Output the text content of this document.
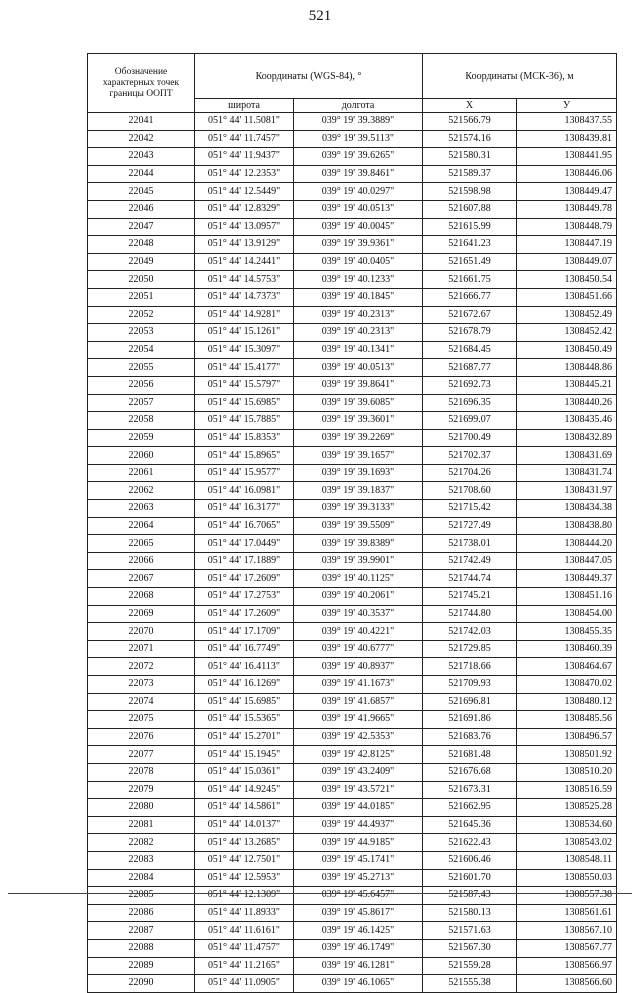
521
Обозначение характерных точек границы ООПТ	Координаты (WGS-84), °		Координаты (МСК-36), м	
	широта	долгота	X	У
22041	051° 44' 11.5081"	039° 19' 39.3889"	521566.79	1308437.55
22042	051° 44' 11.7457"	039° 19' 39.5113"	521574.16	1308439.81
22043	051° 44' 11.9437"	039° 19' 39.6265"	521580.31	1308441.95
22044	051° 44' 12.2353"	039° 19' 39.8461"	521589.37	1308446.06
22045	051° 44' 12.5449"	039° 19' 40.0297"	521598.98	1308449.47
22046	051° 44' 12.8329"	039° 19' 40.0513"	521607.88	1308449.78
22047	051° 44' 13.0957"	039° 19' 40.0045"	521615.99	1308448.79
22048	051° 44' 13.9129"	039° 19' 39.9361"	521641.23	1308447.19
22049	051° 44' 14.2441"	039° 19' 40.0405"	521651.49	1308449.07
22050	051° 44' 14.5753"	039° 19' 40.1233"	521661.75	1308450.54
22051	051° 44' 14.7373"	039° 19' 40.1845"	521666.77	1308451.66
22052	051° 44' 14.9281"	039° 19' 40.2313"	521672.67	1308452.49
22053	051° 44' 15.1261"	039° 19' 40.2313"	521678.79	1308452.42
22054	051° 44' 15.3097"	039° 19' 40.1341"	521684.45	1308450.49
22055	051° 44' 15.4177"	039° 19' 40.0513"	521687.77	1308448.86
22056	051° 44' 15.5797"	039° 19' 39.8641"	521692.73	1308445.21
22057	051° 44' 15.6985"	039° 19' 39.6085"	521696.35	1308440.26
22058	051° 44' 15.7885"	039° 19' 39.3601"	521699.07	1308435.46
22059	051° 44' 15.8353"	039° 19' 39.2269"	521700.49	1308432.89
22060	051° 44' 15.8965"	039° 19' 39.1657"	521702.37	1308431.69
22061	051° 44' 15.9577"	039° 19' 39.1693"	521704.26	1308431.74
22062	051° 44' 16.0981"	039° 19' 39.1837"	521708.60	1308431.97
22063	051° 44' 16.3177"	039° 19' 39.3133"	521715.42	1308434.38
22064	051° 44' 16.7065"	039° 19' 39.5509"	521727.49	1308438.80
22065	051° 44' 17.0449"	039° 19' 39.8389"	521738.01	1308444.20
22066	051° 44' 17.1889"	039° 19' 39.9901"	521742.49	1308447.05
22067	051° 44' 17.2609"	039° 19' 40.1125"	521744.74	1308449.37
22068	051° 44' 17.2753"	039° 19' 40.2061"	521745.21	1308451.16
22069	051° 44' 17.2609"	039° 19' 40.3537"	521744.80	1308454.00
22070	051° 44' 17.1709"	039° 19' 40.4221"	521742.03	1308455.35
22071	051° 44' 16.7749"	039° 19' 40.6777"	521729.85	1308460.39
22072	051° 44' 16.4113"	039° 19' 40.8937"	521718.66	1308464.67
22073	051° 44' 16.1269"	039° 19' 41.1673"	521709.93	1308470.02
22074	051° 44' 15.6985"	039° 19' 41.6857"	521696.81	1308480.12
22075	051° 44' 15.5365"	039° 19' 41.9665"	521691.86	1308485.56
22076	051° 44' 15.2701"	039° 19' 42.5353"	521683.76	1308496.57
22077	051° 44' 15.1945"	039° 19' 42.8125"	521681.48	1308501.92
22078	051° 44' 15.0361"	039° 19' 43.2409"	521676.68	1308510.20
22079	051° 44' 14.9245"	039° 19' 43.5721"	521673.31	1308516.59
22080	051° 44' 14.5861"	039° 19' 44.0185"	521662.95	1308525.28
22081	051° 44' 14.0137"	039° 19' 44.4937"	521645.36	1308534.60
22082	051° 44' 13.2685"	039° 19' 44.9185"	521622.43	1308543.02
22083	051° 44' 12.7501"	039° 19' 45.1741"	521606.46	1308548.11
22084	051° 44' 12.5953"	039° 19' 45.2713"	521601.70	1308550.03
22085	051° 44' 12.1309"	039° 19' 45.6457"	521587.43	1308557.38
22086	051° 44' 11.8933"	039° 19' 45.8617"	521580.13	1308561.61
22087	051° 44' 11.6161"	039° 19' 46.1425"	521571.63	1308567.10
22088	051° 44' 11.4757"	039° 19' 46.1749"	521567.30	1308567.77
22089	051° 44' 11.2165"	039° 19' 46.1281"	521559.28	1308566.97
22090	051° 44' 11.0905"	039° 19' 46.1065"	521555.38	1308566.60
